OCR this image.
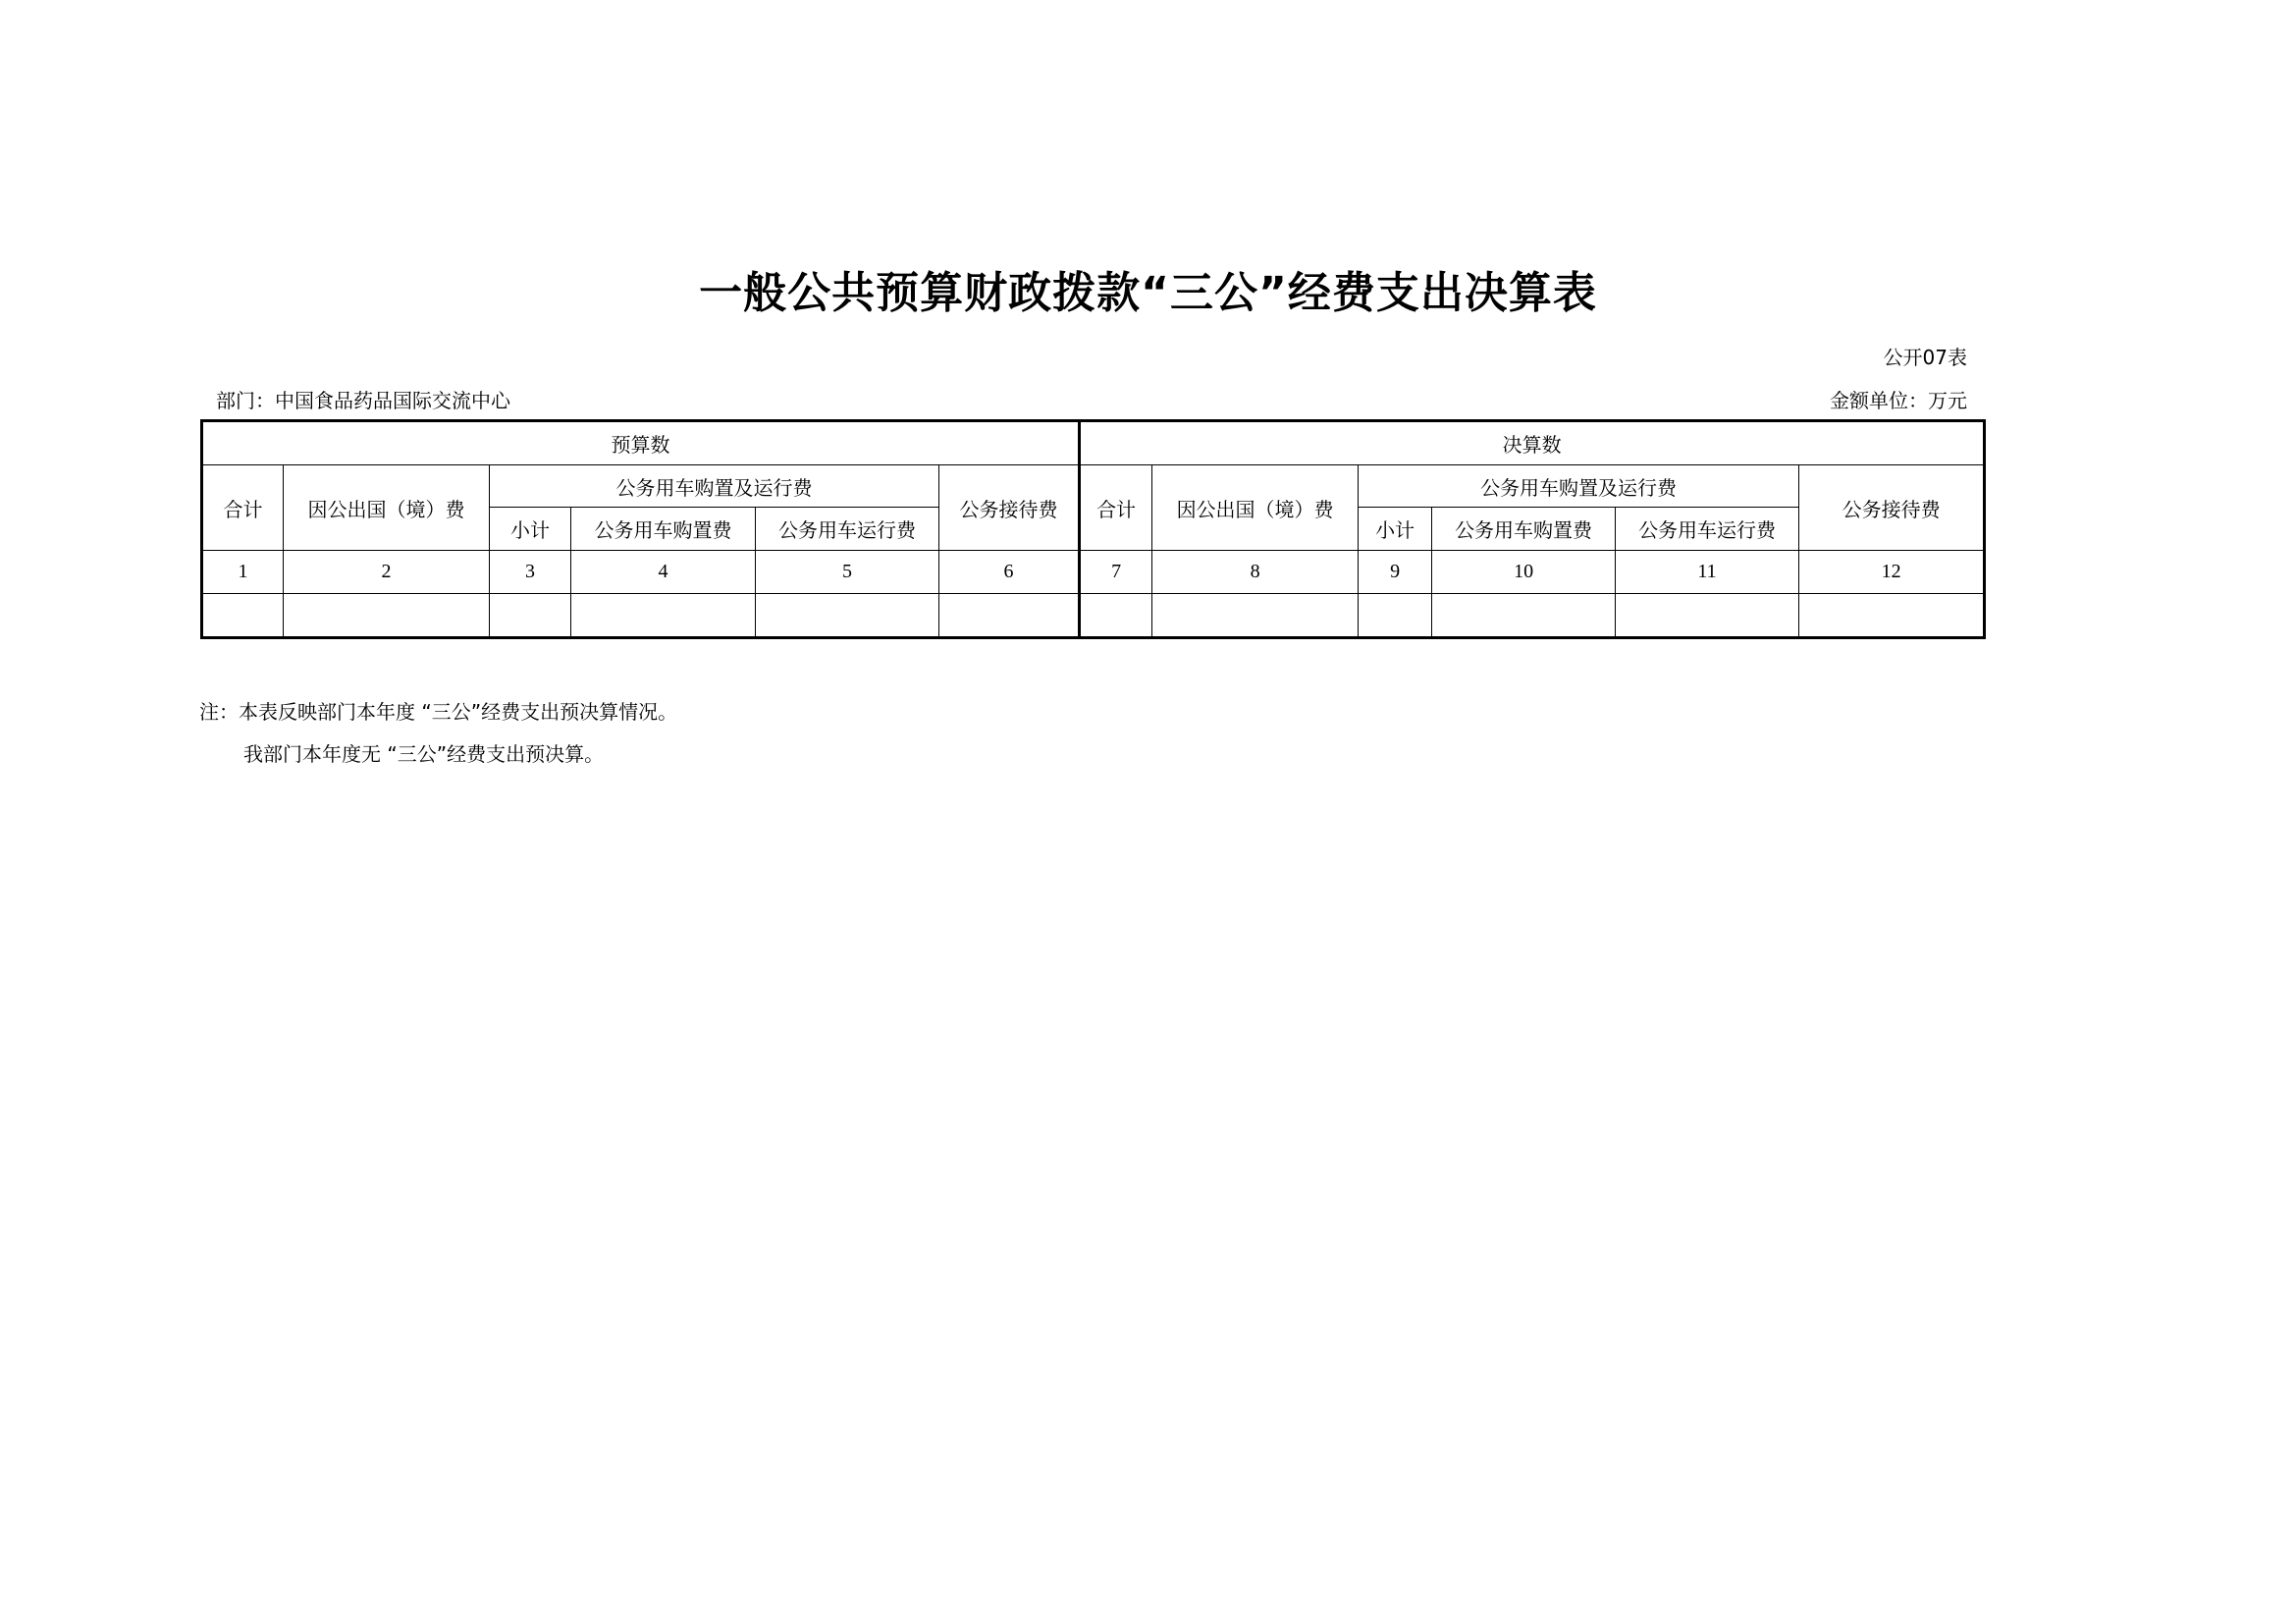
一般公共预算财政拨款“三公”经费支出决算表
公开07表
部门：中国食品药品国际交流中心	金额单位：万元
预算数						决算数					
合计	因公出国（境）费	公务用车购置及运行费			公务接待费	合计	因公出国（境）费	公务用车购置及运行费			公务接待费
		小计	公务用车购置费	公务用车运行费				小计	公务用车购置费	公务用车运行费	
1	2	3	4	5	6	7	8	9	10	11	12

注：本表反映部门本年度 “三公”经费支出预决算情况。
我部门本年度无 “三公”经费支出预决算。
